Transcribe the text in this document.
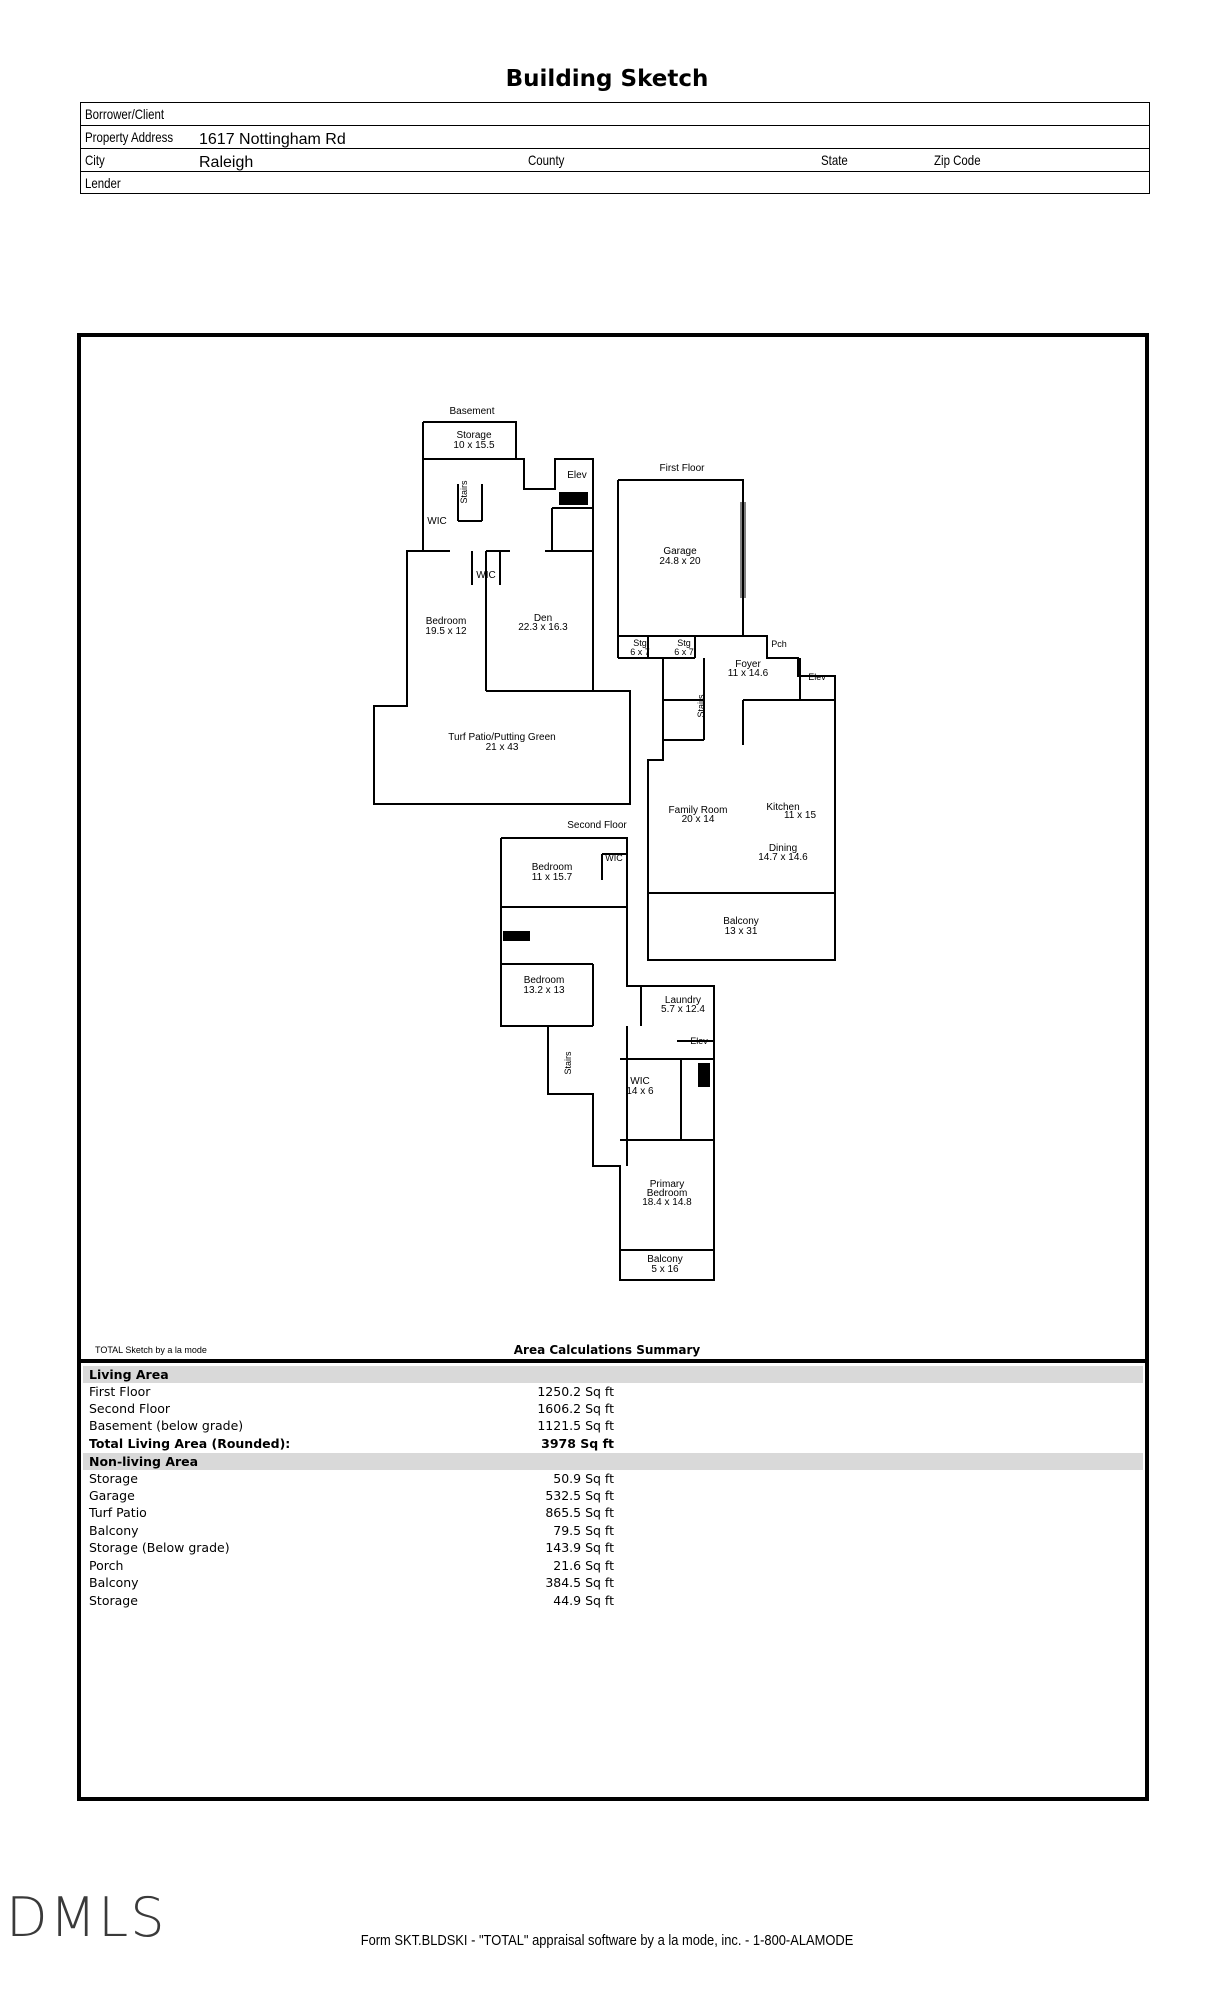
Building Sketch
Borrower/Client
Property Address 1617 Nottingham Rd
City	Raleigh	County	State	Zip Code
Lender
Basement
Storage
10 x 15.5
Stairs
WIC
Elev
WIC
Bedroom
19.5 x 12
Den
22.3 x 16.3
Turf Patio/Putting Green
21 x 43
First Floor
Garage
24.8 x 20
Stg
6 x 7
Stg
6 x 7
Pch
Foyer
11 x 14.6	Elev
Stairs
Family Room
20 x 14
Kitchen
11 x 15
Dining
14.7 x 14.6
Balcony
13 x 31
Second Floor
WIC
Bedroom
11 x 15.7
Bedroom
13.2 x 13
Laundry
5.7 x 12.4
Elev
Stairs
WIC
14 x 6
Primary
Bedroom
18.4 x 14.8
Balcony
5 x 16
TOTAL Sketch by a la mode	Area Calculations Summary
Living Area
First Floor	1250.2 Sq ft
Second Floor	1606.2 Sq ft
Basement (below grade)	1121.5 Sq ft
Total Living Area (Rounded):	3978 Sq ft
Non-living Area
Storage	50.9 Sq ft
Garage	532.5 Sq ft
Turf Patio	865.5 Sq ft
Balcony	79.5 Sq ft
Storage (Below grade)	143.9 Sq ft
Porch	21.6 Sq ft
Balcony	384.5 Sq ft
Storage	44.9 Sq ft
DMLS	Form SKT.BLDSKI - "TOTAL" appraisal software by a la mode, inc. - 1-800-ALAMODE
